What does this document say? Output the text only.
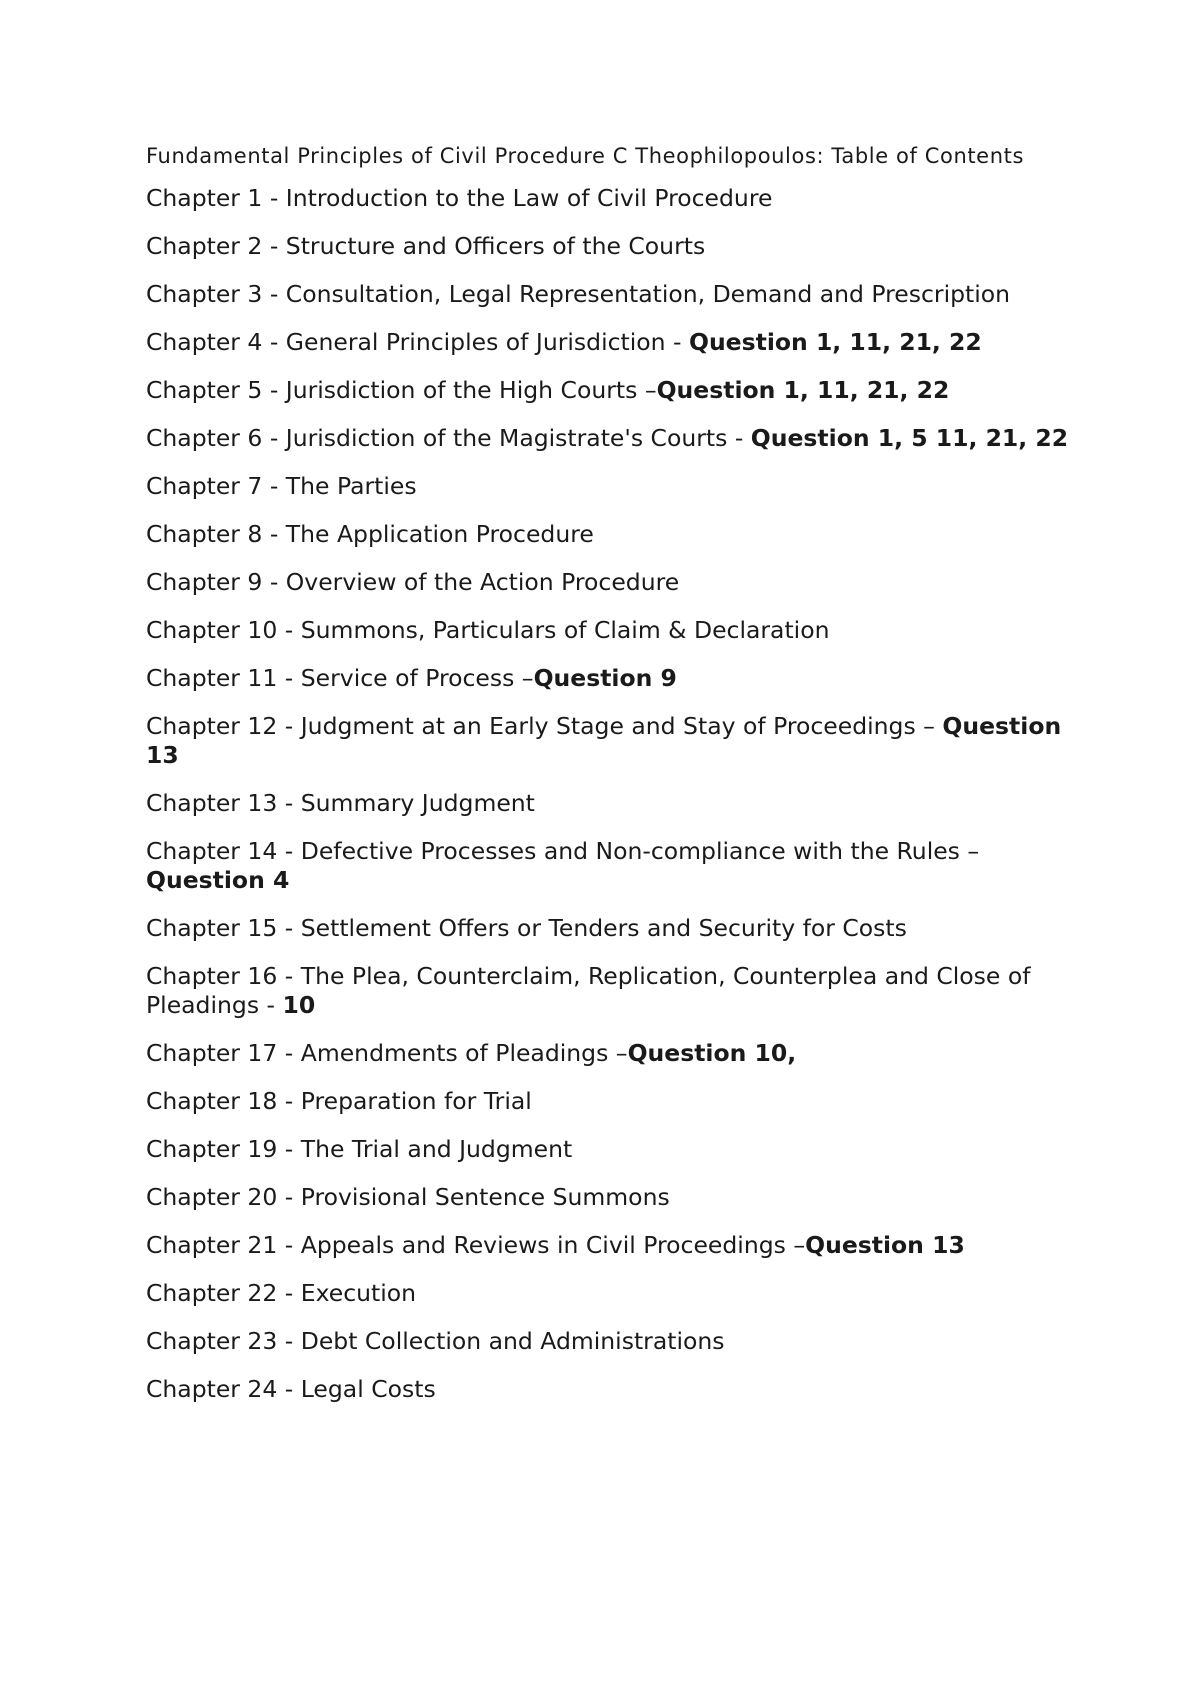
Fundamental Principles of Civil Procedure C Theophilopoulos: Table of Contents

Chapter 1 - Introduction to the Law of Civil Procedure
Chapter 2 - Structure and Officers of the Courts
Chapter 3 - Consultation, Legal Representation, Demand and Prescription
Chapter 4 - General Principles of Jurisdiction - Question 1, 11, 21, 22
Chapter 5 - Jurisdiction of the High Courts –Question 1, 11, 21, 22
Chapter 6 - Jurisdiction of the Magistrate's Courts - Question 1, 5 11, 21, 22
Chapter 7 - The Parties
Chapter 8 - The Application Procedure
Chapter 9 - Overview of the Action Procedure
Chapter 10 - Summons, Particulars of Claim & Declaration
Chapter 11 - Service of Process –Question 9
Chapter 12 - Judgment at an Early Stage and Stay of Proceedings – Question 13
Chapter 13 - Summary Judgment
Chapter 14 - Defective Processes and Non-compliance with the Rules – Question 4
Chapter 15 - Settlement Offers or Tenders and Security for Costs
Chapter 16 - The Plea, Counterclaim, Replication, Counterplea and Close of Pleadings - 10
Chapter 17 - Amendments of Pleadings –Question 10,
Chapter 18 - Preparation for Trial
Chapter 19 - The Trial and Judgment
Chapter 20 - Provisional Sentence Summons
Chapter 21 - Appeals and Reviews in Civil Proceedings –Question 13
Chapter 22 - Execution
Chapter 23 - Debt Collection and Administrations
Chapter 24 - Legal Costs
